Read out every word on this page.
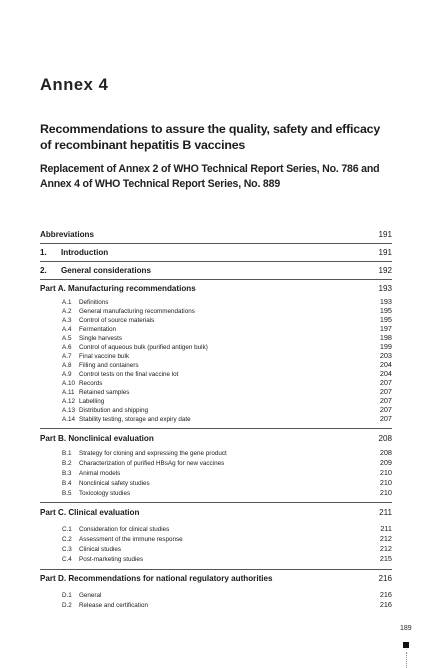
Annex 4
Recommendations to assure the quality, safety and efficacy of recombinant hepatitis B vaccines
Replacement of Annex 2 of WHO Technical Report Series, No. 786 and Annex 4 of WHO Technical Report Series, No. 889
Abbreviations	191
1. Introduction	191
2. General considerations	192
Part A. Manufacturing recommendations	193
A.1 Definitions	193
A.2 General manufacturing recommendations	195
A.3 Control of source materials	195
A.4 Fermentation	197
A.5 Single harvests	198
A.6 Control of aqueous bulk (purified antigen bulk)	199
A.7 Final vaccine bulk	203
A.8 Filling and containers	204
A.9 Control tests on the final vaccine lot	204
A.10 Records	207
A.11 Retained samples	207
A.12 Labelling	207
A.13 Distribution and shipping	207
A.14 Stability testing, storage and expiry date	207
Part B. Nonclinical evaluation	208
B.1 Strategy for cloning and expressing the gene product	208
B.2 Characterization of purified HBsAg for new vaccines	209
B.3 Animal models	210
B.4 Nonclinical safety studies	210
B.5 Toxicology studies	210
Part C. Clinical evaluation	211
C.1 Consideration for clinical studies	211
C.2 Assessment of the immune response	212
C.3 Clinical studies	212
C.4 Post-marketing studies	215
Part D. Recommendations for national regulatory authorities	216
D.1 General	216
D.2 Release and certification	216
189
